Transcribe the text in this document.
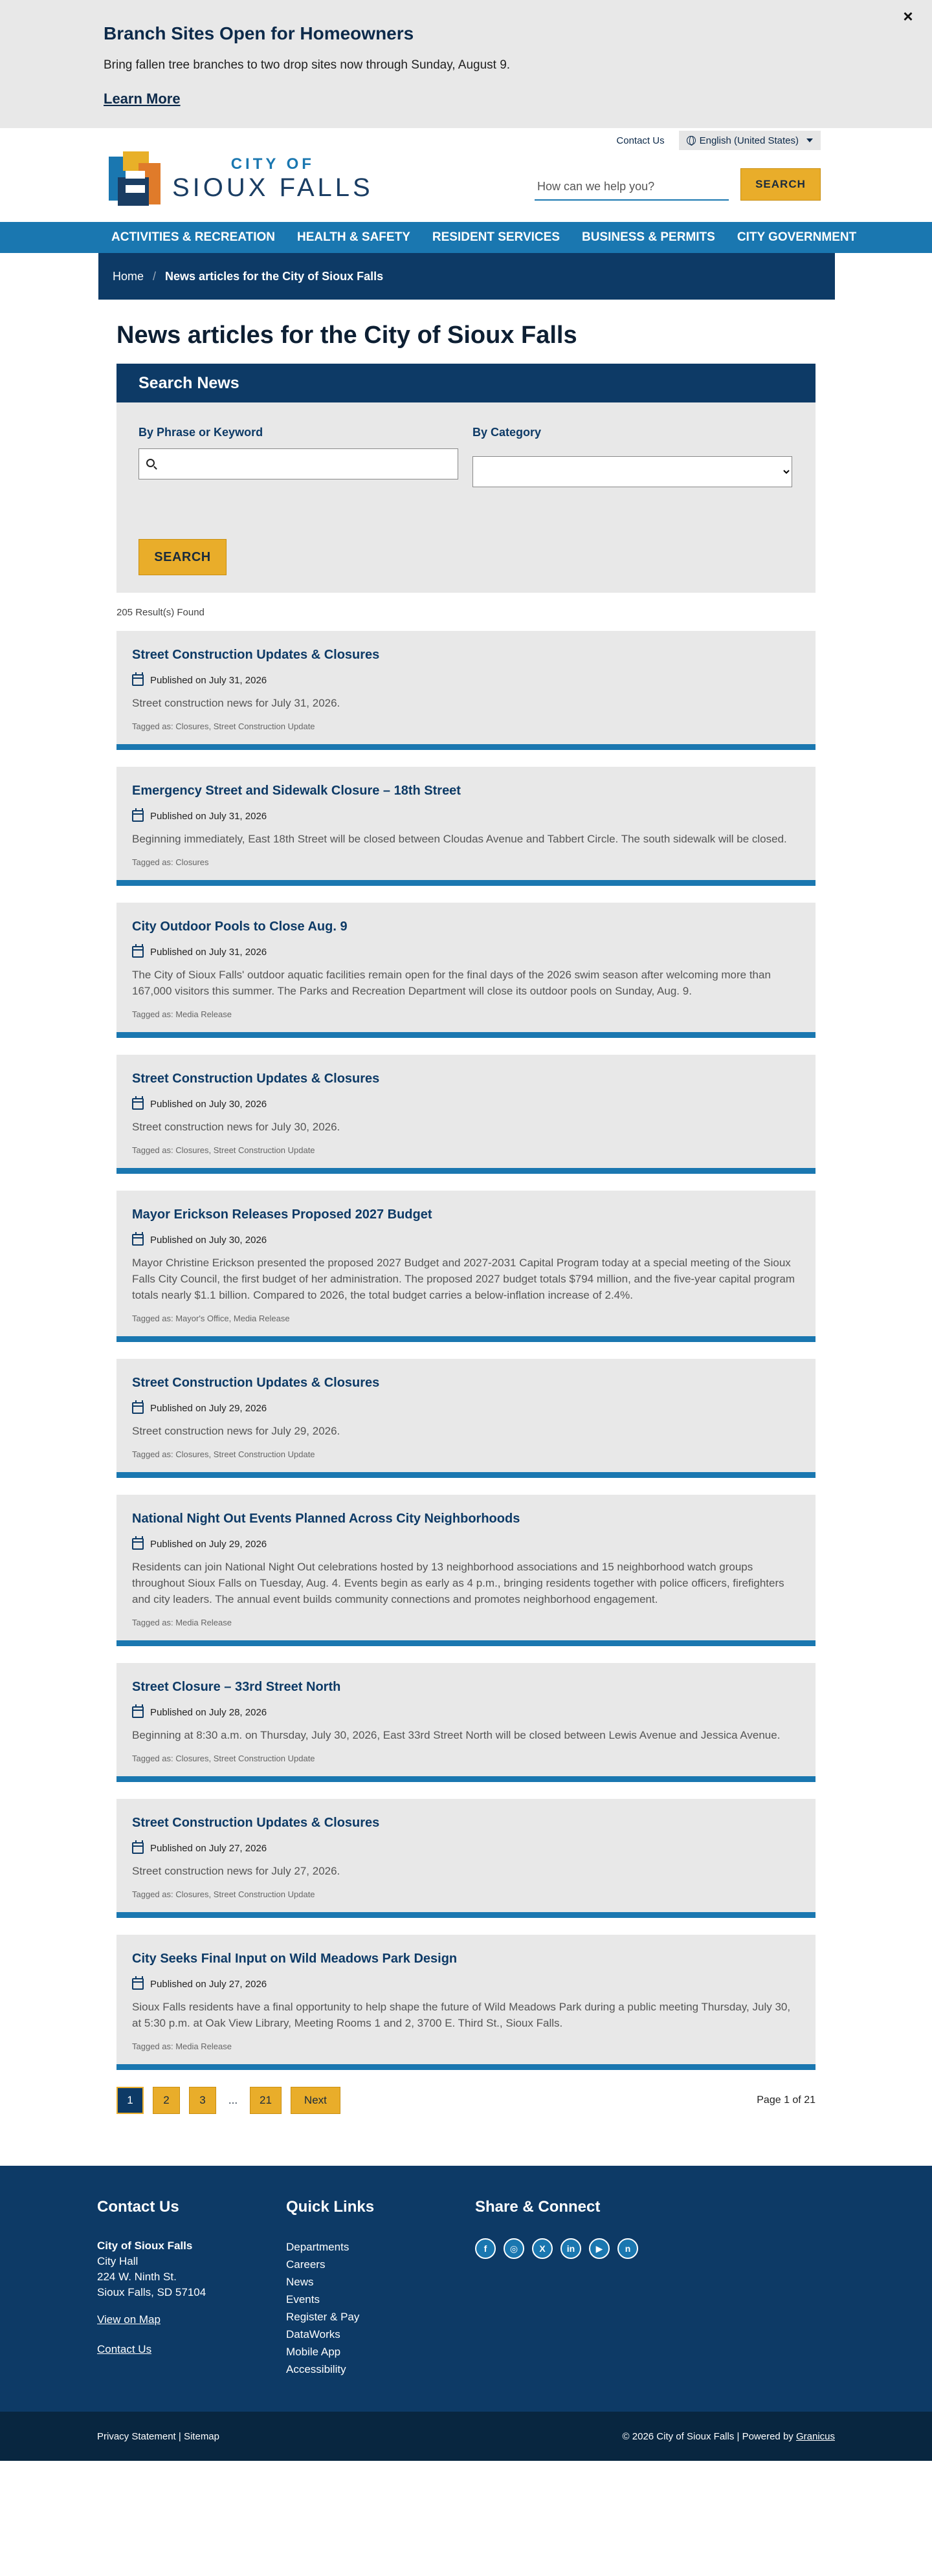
Branch Sites Open for Homeowners

Bring fallen tree branches to two drop sites now through Sunday, August 9.

Learn More
×
Contact Us	English (United States)
CITY OF
SIOUX FALLS
How can we help you?	SEARCH
ACTIVITIES & RECREATION HEALTH & SAFETY RESIDENT SERVICES BUSINESS & PERMITS CITY GOVERNMENT
Home / News articles for the City of Sioux Falls
News articles for the City of Sioux Falls
Search News
By Phrase or Keyword	By Category
SEARCH
205 Result(s) Found
Street Construction Updates & Closures
Published on July 31, 2026

Street construction news for July 31, 2026.

Tagged as: Closures, Street Construction Update
Emergency Street and Sidewalk Closure – 18th Street
Published on July 31, 2026

Beginning immediately, East 18th Street will be closed between Cloudas Avenue and Tabbert Circle. The south sidewalk will be closed.

Tagged as: Closures
City Outdoor Pools to Close Aug. 9
Published on July 31, 2026

The City of Sioux Falls' outdoor aquatic facilities remain open for the final days of the 2026 swim season after welcoming more than 167,000 visitors this summer. The Parks and Recreation Department will close its outdoor pools on Sunday, Aug. 9.

Tagged as: Media Release
Street Construction Updates & Closures
Published on July 30, 2026

Street construction news for July 30, 2026.

Tagged as: Closures, Street Construction Update
Mayor Erickson Releases Proposed 2027 Budget
Published on July 30, 2026

Mayor Christine Erickson presented the proposed 2027 Budget and 2027-2031 Capital Program today at a special meeting of the Sioux Falls City Council, the first budget of her administration. The proposed 2027 budget totals $794 million, and the five-year capital program totals nearly $1.1 billion. Compared to 2026, the total budget carries a below-inflation increase of 2.4%.

Tagged as: Mayor's Office, Media Release
Street Construction Updates & Closures
Published on July 29, 2026

Street construction news for July 29, 2026.

Tagged as: Closures, Street Construction Update
National Night Out Events Planned Across City Neighborhoods
Published on July 29, 2026

Residents can join National Night Out celebrations hosted by 13 neighborhood associations and 15 neighborhood watch groups throughout Sioux Falls on Tuesday, Aug. 4. Events begin as early as 4 p.m., bringing residents together with police officers, firefighters and city leaders. The annual event builds community connections and promotes neighborhood engagement.

Tagged as: Media Release
Street Closure – 33rd Street North
Published on July 28, 2026

Beginning at 8:30 a.m. on Thursday, July 30, 2026, East 33rd Street North will be closed between Lewis Avenue and Jessica Avenue.

Tagged as: Closures, Street Construction Update
Street Construction Updates & Closures
Published on July 27, 2026

Street construction news for July 27, 2026.

Tagged as: Closures, Street Construction Update
City Seeks Final Input on Wild Meadows Park Design
Published on July 27, 2026

Sioux Falls residents have a final opportunity to help shape the future of Wild Meadows Park during a public meeting Thursday, July 30, at 5:30 p.m. at Oak View Library, Meeting Rooms 1 and 2, 3700 E. Third St., Sioux Falls.

Tagged as: Media Release
1	2	3	...	21	Next	Page 1 of 21
Contact Us
City of Sioux Falls
City Hall
224 W. Ninth St.
Sioux Falls, SD 57104
View on Map
Contact Us
Quick Links
Departments
Careers
News
Events
Register & Pay
DataWorks
Mobile App
Accessibility
Share & Connect
f	◎	X	in	▶	n
Privacy Statement | Sitemap	© 2026 City of Sioux Falls | Powered by Granicus
